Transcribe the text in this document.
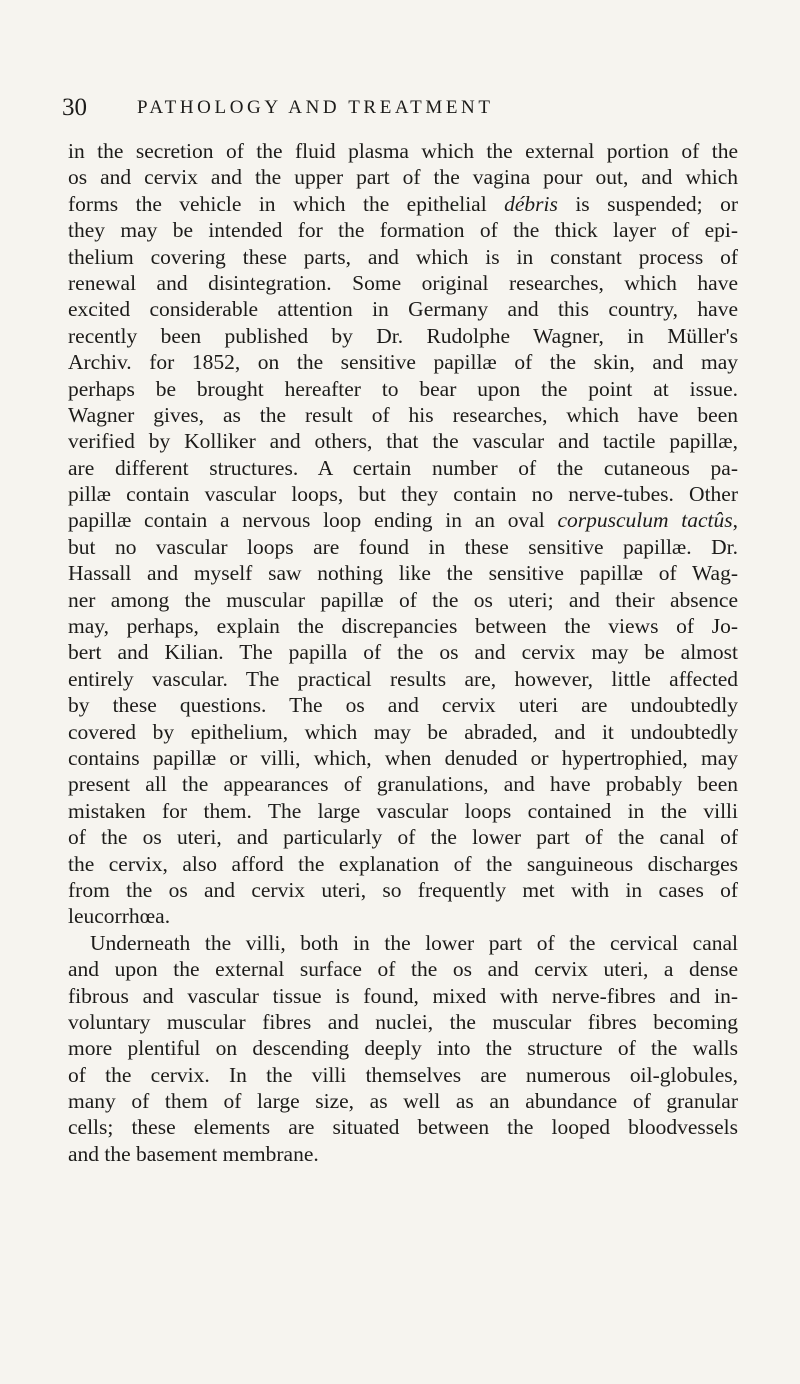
30	PATHOLOGY AND TREATMENT
in the secretion of the fluid plasma which the external portion of the
os and cervix and the upper part of the vagina pour out, and which
forms the vehicle in which the epithelial débris is suspended; or
they may be intended for the formation of the thick layer of epi-
thelium covering these parts, and which is in constant process of
renewal and disintegration. Some original researches, which have
excited considerable attention in Germany and this country, have
recently been published by Dr. Rudolphe Wagner, in Müller's
Archiv. for 1852, on the sensitive papillæ of the skin, and may
perhaps be brought hereafter to bear upon the point at issue.
Wagner gives, as the result of his researches, which have been
verified by Kolliker and others, that the vascular and tactile papillæ,
are different structures. A certain number of the cutaneous pa-
pillæ contain vascular loops, but they contain no nerve-tubes. Other
papillæ contain a nervous loop ending in an oval corpusculum tactûs,
but no vascular loops are found in these sensitive papillæ. Dr.
Hassall and myself saw nothing like the sensitive papillæ of Wag-
ner among the muscular papillæ of the os uteri; and their absence
may, perhaps, explain the discrepancies between the views of Jo-
bert and Kilian. The papilla of the os and cervix may be almost
entirely vascular. The practical results are, however, little affected
by these questions. The os and cervix uteri are undoubtedly
covered by epithelium, which may be abraded, and it undoubtedly
contains papillæ or villi, which, when denuded or hypertrophied, may
present all the appearances of granulations, and have probably been
mistaken for them. The large vascular loops contained in the villi
of the os uteri, and particularly of the lower part of the canal of
the cervix, also afford the explanation of the sanguineous discharges
from the os and cervix uteri, so frequently met with in cases of
leucorrhœa.
Underneath the villi, both in the lower part of the cervical canal
and upon the external surface of the os and cervix uteri, a dense
fibrous and vascular tissue is found, mixed with nerve-fibres and in-
voluntary muscular fibres and nuclei, the muscular fibres becoming
more plentiful on descending deeply into the structure of the walls
of the cervix. In the villi themselves are numerous oil-globules,
many of them of large size, as well as an abundance of granular
cells; these elements are situated between the looped bloodvessels
and the basement membrane.
